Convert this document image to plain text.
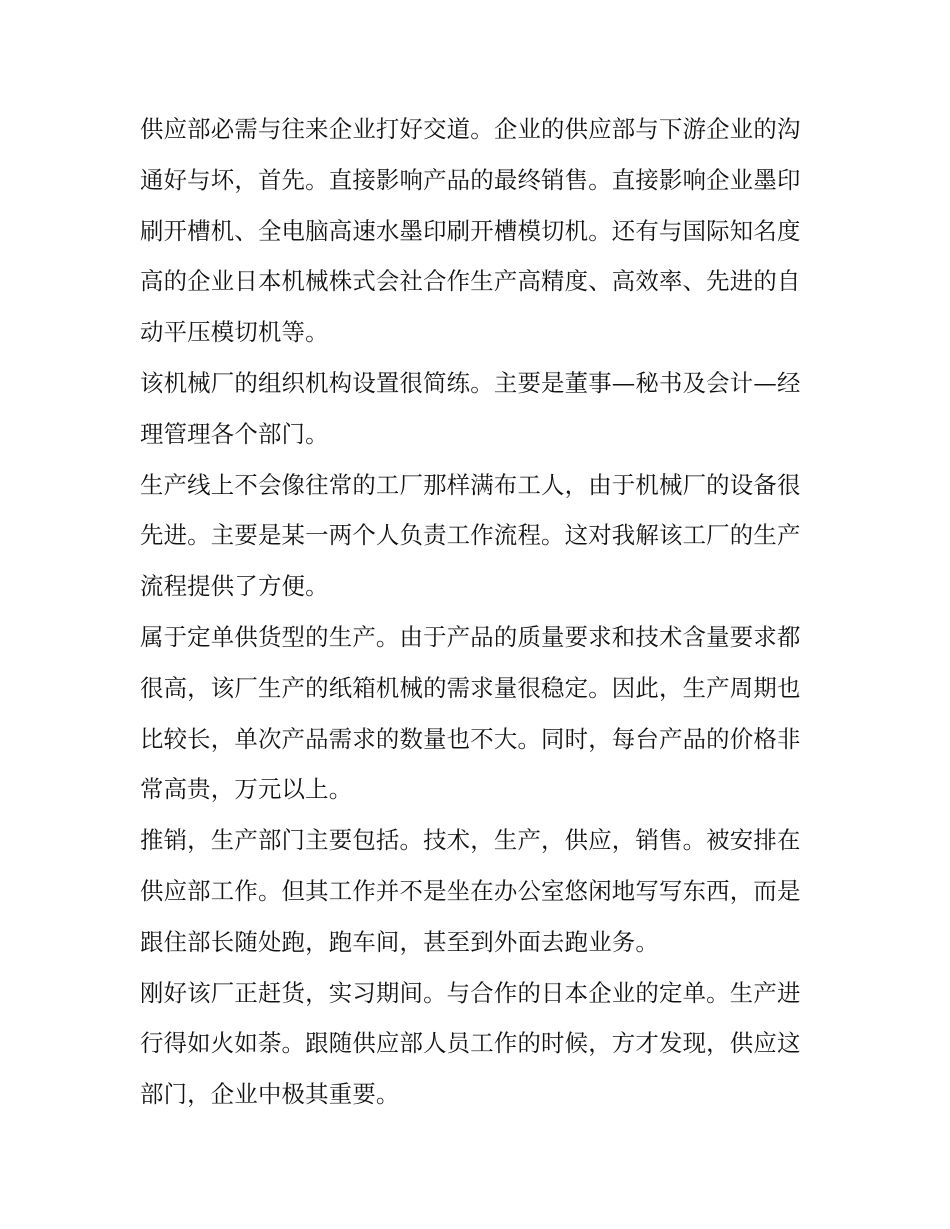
供应部必需与往来企业打好交道。企业的供应部与下游企业的沟通好与坏，首先。直接影响产品的最终销售。直接影响企业墨印刷开槽机、全电脑高速水墨印刷开槽模切机。还有与国际知名度高的企业日本机械株式会社合作生产高精度、高效率、先进的自动平压模切机等。

该机械厂的组织机构设置很简练。主要是董事—秘书及会计—经理管理各个部门。

生产线上不会像往常的工厂那样满布工人，由于机械厂的设备很先进。主要是某一两个人负责工作流程。这对我解该工厂的生产流程提供了方便。

属于定单供货型的生产。由于产品的质量要求和技术含量要求都很高，该厂生产的纸箱机械的需求量很稳定。因此，生产周期也比较长，单次产品需求的数量也不大。同时，每台产品的价格非常高贵，万元以上。

推销，生产部门主要包括。技术，生产，供应，销售。被安排在供应部工作。但其工作并不是坐在办公室悠闲地写写东西，而是跟住部长随处跑，跑车间，甚至到外面去跑业务。

刚好该厂正赶货，实习期间。与合作的日本企业的定单。生产进行得如火如荼。跟随供应部人员工作的时候，方才发现，供应这部门，企业中极其重要。
